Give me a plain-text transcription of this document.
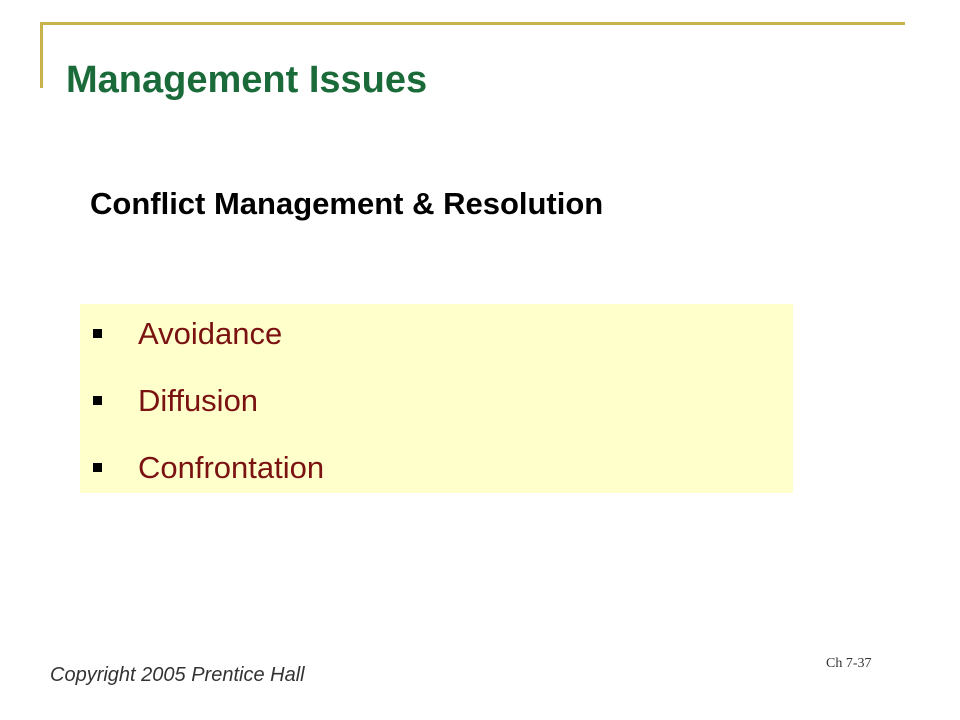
Management Issues
Conflict Management & Resolution
Avoidance
Diffusion
Confrontation
Copyright 2005 Prentice Hall
Ch 7-37
